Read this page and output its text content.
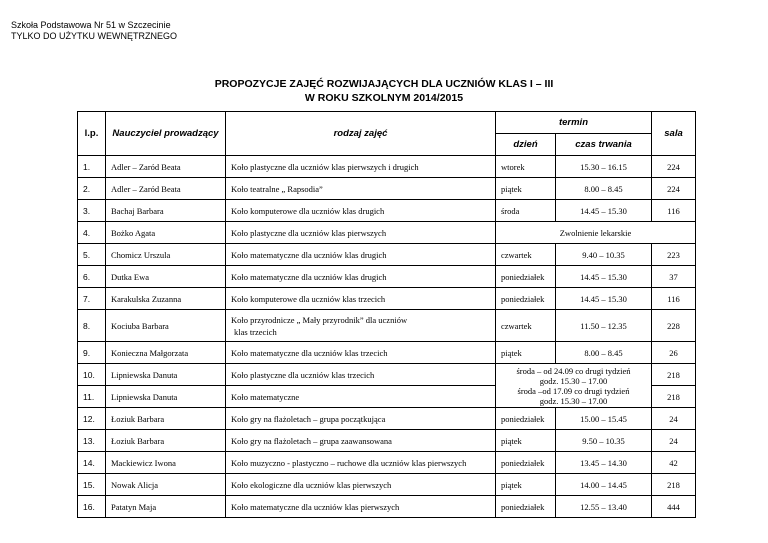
Szkoła Podstawowa Nr 51 w Szczecinie
TYLKO DO UŻYTKU WEWNĘTRZNEGO
PROPOZYCJE ZAJĘĆ ROZWIJAJĄCYCH DLA UCZNIÓW KLAS I – III
W ROKU SZKOLNYM 2014/2015
l.p.	Nauczyciel prowadzący	rodzaj zajęć	termin		sala
			dzień	czas trwania	
1.	Adler – Zaród Beata	Koło plastyczne dla uczniów klas pierwszych i drugich	wtorek	15.30 – 16.15	224
2.	Adler – Zaród Beata	Koło teatralne „ Rapsodia”	piątek	8.00 – 8.45	224
3.	Bachaj Barbara	Koło komputerowe dla uczniów klas drugich	środa	14.45 – 15.30	116
4.	Bożko Agata	Koło plastyczne dla uczniów klas pierwszych	Zwolnienie lekarskie		
5.	Chomicz Urszula	Koło matematyczne dla uczniów klas drugich	czwartek	9.40 – 10.35	223
6.	Dutka Ewa	Koło matematyczne dla uczniów klas drugich	poniedziałek	14.45 – 15.30	37
7.	Karakulska Zuzanna	Koło komputerowe dla uczniów klas trzecich	poniedziałek	14.45 – 15.30	116
8.	Kociuba Barbara	Koło przyrodnicze „ Mały przyrodnik” dla uczniów
klas trzecich	czwartek	11.50 – 12.35	228
9.	Konieczna Małgorzata	Koło matematyczne dla uczniów klas trzecich	piątek	8.00 – 8.45	26
10.	Lipniewska Danuta	Koło plastyczne dla uczniów klas trzecich	środa – od 24.09 co drugi tydzień
godz. 15.30 – 17.00
środa –od 17.09 co drugi tydzień
godz. 15.30 – 17.00		218
11.	Lipniewska Danuta	Koło matematyczne			218
12.	Łoziuk Barbara	Koło gry na flażoletach – grupa początkująca	poniedziałek	15.00 – 15.45	24
13.	Łoziuk Barbara	Koło gry na flażoletach – grupa zaawansowana	piątek	9.50 – 10.35	24
14.	Mackiewicz Iwona	Koło muzyczno - plastyczno – ruchowe dla uczniów klas pierwszych	poniedziałek	13.45 – 14.30	42
15.	Nowak Alicja	Koło ekologiczne dla uczniów klas pierwszych	piątek	14.00 – 14.45	218
16.	Patatyn Maja	Koło matematyczne dla uczniów klas pierwszych	poniedziałek	12.55 – 13.40	444
